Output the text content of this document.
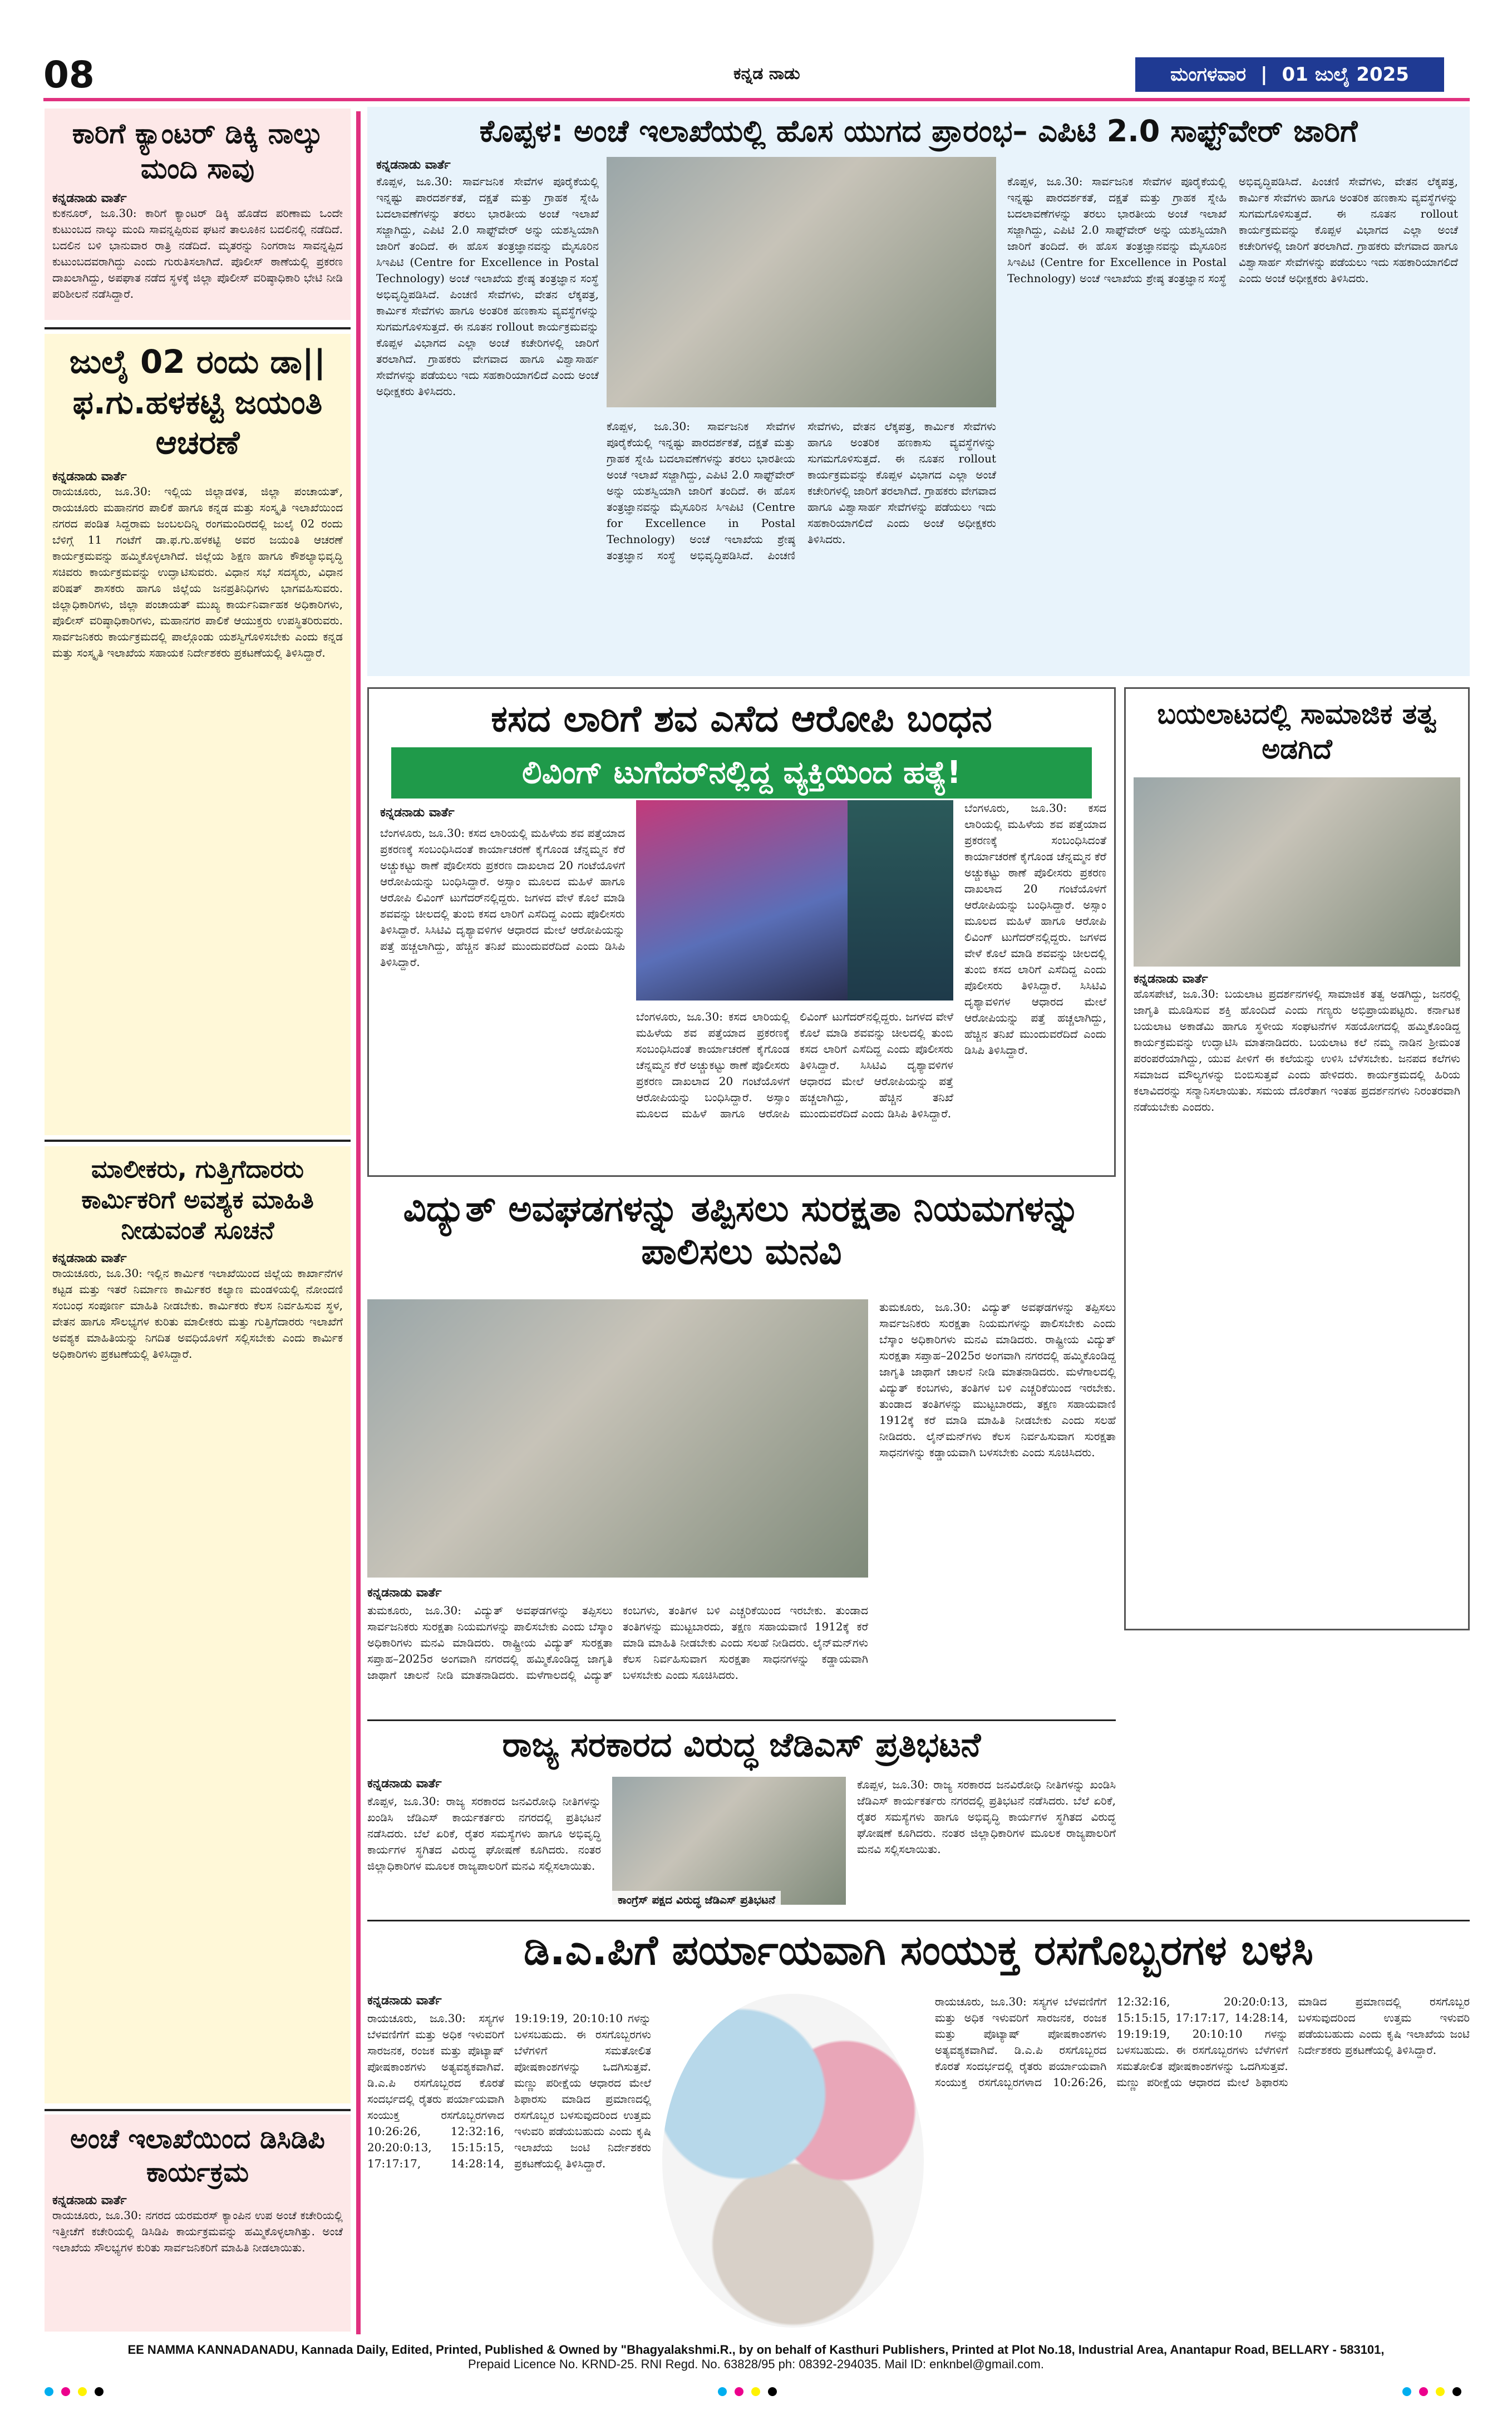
08	ಕನ್ನಡ ನಾಡು	ಮಂಗಳವಾರ | 01 ಜುಲೈ 2025
ಕಾರಿಗೆ ಕ್ಯಾಂಟರ್ ಡಿಕ್ಕಿ ನಾಲ್ಕು ಮಂದಿ ಸಾವು
ಕನ್ನಡನಾಡು ವಾರ್ತೆ
ಕುಕನೂರ್, ಜೂ.30: ಕಾರಿಗೆ ಕ್ಯಾಂಟರ್ ಡಿಕ್ಕಿ ಹೊಡೆದ ಪರಿಣಾಮ ಒಂದೇ ಕುಟುಂಬದ ನಾಲ್ಕು ಮಂದಿ ಸಾವನ್ನಪ್ಪಿರುವ ಘಟನೆ ತಾಲೂಕಿನ ಬದಲಿನಲ್ಲಿ ನಡೆದಿದೆ. ಬದಲಿನ ಬಳಿ ಭಾನುವಾರ ರಾತ್ರಿ ನಡೆದಿದೆ. ಮೃತರನ್ನು ನಿಂಗರಾಜ ಸಾವನ್ನಪ್ಪಿದ ಕುಟುಂಬದವರಾಗಿದ್ದು ಎಂದು ಗುರುತಿಸಲಾಗಿದೆ. ಪೊಲೀಸ್ ಠಾಣೆಯಲ್ಲಿ ಪ್ರಕರಣ ದಾಖಲಾಗಿದ್ದು, ಅಪಘಾತ ನಡೆದ ಸ್ಥಳಕ್ಕೆ ಜಿಲ್ಲಾ ಪೊಲೀಸ್ ವರಿಷ್ಠಾಧಿಕಾರಿ ಭೇಟಿ ನೀಡಿ ಪರಿಶೀಲನೆ ನಡೆಸಿದ್ದಾರೆ.
ಜುಲೈ 02 ರಂದು ಡಾ||ಫ.ಗು.ಹಳಕಟ್ಟಿ ಜಯಂತಿ ಆಚರಣೆ
ಕನ್ನಡನಾಡು ವಾರ್ತೆ
ರಾಯಚೂರು, ಜೂ.30: ಇಲ್ಲಿಯ ಜಿಲ್ಲಾಡಳಿತ, ಜಿಲ್ಲಾ ಪಂಚಾಯತ್, ರಾಯಚೂರು ಮಹಾನಗರ ಪಾಲಿಕೆ ಹಾಗೂ ಕನ್ನಡ ಮತ್ತು ಸಂಸ್ಕೃತಿ ಇಲಾಖೆಯಿಂದ ನಗರದ ಪಂಡಿತ ಸಿದ್ದರಾಮ ಜಂಬಲದಿನ್ನಿ ರಂಗಮಂದಿರದಲ್ಲಿ ಜುಲೈ 02 ರಂದು ಬೆಳಿಗ್ಗೆ 11 ಗಂಟೆಗೆ ಡಾ.ಫ.ಗು.ಹಳಕಟ್ಟಿ ಅವರ ಜಯಂತಿ ಆಚರಣೆ ಕಾರ್ಯಕ್ರಮವನ್ನು ಹಮ್ಮಿಕೊಳ್ಳಲಾಗಿದೆ. ಜಿಲ್ಲೆಯ ಶಿಕ್ಷಣ ಹಾಗೂ ಕೌಶಲ್ಯಾಭಿವೃದ್ಧಿ ಸಚಿವರು ಕಾರ್ಯಕ್ರಮವನ್ನು ಉದ್ಘಾಟಿಸುವರು. ವಿಧಾನ ಸಭೆ ಸದಸ್ಯರು, ವಿಧಾನ ಪರಿಷತ್ ಶಾಸಕರು ಹಾಗೂ ಜಿಲ್ಲೆಯ ಜನಪ್ರತಿನಿಧಿಗಳು ಭಾಗವಹಿಸುವರು. ಜಿಲ್ಲಾಧಿಕಾರಿಗಳು, ಜಿಲ್ಲಾ ಪಂಚಾಯತ್ ಮುಖ್ಯ ಕಾರ್ಯನಿರ್ವಾಹಕ ಅಧಿಕಾರಿಗಳು, ಪೊಲೀಸ್ ವರಿಷ್ಠಾಧಿಕಾರಿಗಳು, ಮಹಾನಗರ ಪಾಲಿಕೆ ಆಯುಕ್ತರು ಉಪಸ್ಥಿತರಿರುವರು. ಸಾರ್ವಜನಿಕರು ಕಾರ್ಯಕ್ರಮದಲ್ಲಿ ಪಾಲ್ಗೊಂಡು ಯಶಸ್ವಿಗೊಳಿಸಬೇಕು ಎಂದು ಕನ್ನಡ ಮತ್ತು ಸಂಸ್ಕೃತಿ ಇಲಾಖೆಯ ಸಹಾಯಕ ನಿರ್ದೇಶಕರು ಪ್ರಕಟಣೆಯಲ್ಲಿ ತಿಳಿಸಿದ್ದಾರೆ.
ಮಾಲೀಕರು, ಗುತ್ತಿಗೆದಾರರು ಕಾರ್ಮಿಕರಿಗೆ ಅವಶ್ಯಕ ಮಾಹಿತಿ ನೀಡುವಂತೆ ಸೂಚನೆ
ಕನ್ನಡನಾಡು ವಾರ್ತೆ
ರಾಯಚೂರು, ಜೂ.30: ಇಲ್ಲಿನ ಕಾರ್ಮಿಕ ಇಲಾಖೆಯಿಂದ ಜಿಲ್ಲೆಯ ಕಾರ್ಖಾನೆಗಳ ಕಟ್ಟಡ ಮತ್ತು ಇತರೆ ನಿರ್ಮಾಣ ಕಾರ್ಮಿಕರ ಕಲ್ಯಾಣ ಮಂಡಳಿಯಲ್ಲಿ ನೋಂದಣಿ ಸಂಬಂಧ ಸಂಪೂರ್ಣ ಮಾಹಿತಿ ನೀಡಬೇಕು. ಕಾರ್ಮಿಕರು ಕೆಲಸ ನಿರ್ವಹಿಸುವ ಸ್ಥಳ, ವೇತನ ಹಾಗೂ ಸೌಲಭ್ಯಗಳ ಕುರಿತು ಮಾಲೀಕರು ಮತ್ತು ಗುತ್ತಿಗೆದಾರರು ಇಲಾಖೆಗೆ ಅವಶ್ಯಕ ಮಾಹಿತಿಯನ್ನು ನಿಗದಿತ ಅವಧಿಯೊಳಗೆ ಸಲ್ಲಿಸಬೇಕು ಎಂದು ಕಾರ್ಮಿಕ ಅಧಿಕಾರಿಗಳು ಪ್ರಕಟಣೆಯಲ್ಲಿ ತಿಳಿಸಿದ್ದಾರೆ.
ಅಂಚೆ ಇಲಾಖೆಯಿಂದ ಡಿಸಿಡಿಪಿ ಕಾರ್ಯಕ್ರಮ
ಕನ್ನಡನಾಡು ವಾರ್ತೆ
ರಾಯಚೂರು, ಜೂ.30: ನಗರದ ಯರಮರಸ್ ಕ್ಯಾಂಪಿನ ಉಪ ಅಂಚೆ ಕಚೇರಿಯಲ್ಲಿ ಇತ್ತೀಚೆಗೆ ಕಚೇರಿಯಲ್ಲಿ ಡಿಸಿಡಿಪಿ ಕಾರ್ಯಕ್ರಮವನ್ನು ಹಮ್ಮಿಕೊಳ್ಳಲಾಗಿತ್ತು. ಅಂಚೆ ಇಲಾಖೆಯ ಸೌಲಭ್ಯಗಳ ಕುರಿತು ಸಾರ್ವಜನಿಕರಿಗೆ ಮಾಹಿತಿ ನೀಡಲಾಯಿತು.
ಕೊಪ್ಪಳ: ಅಂಚೆ ಇಲಾಖೆಯಲ್ಲಿ ಹೊಸ ಯುಗದ ಪ್ರಾರಂಭ– ಎಪಿಟಿ 2.0 ಸಾಫ್ಟ್‌ವೇರ್ ಜಾರಿಗೆ
ಕನ್ನಡನಾಡು ವಾರ್ತೆ
ಕೊಪ್ಪಳ, ಜೂ.30: ಸಾರ್ವಜನಿಕ ಸೇವೆಗಳ ಪೂರೈಕೆಯಲ್ಲಿ ಇನ್ನಷ್ಟು ಪಾರದರ್ಶಕತೆ, ದಕ್ಷತೆ ಮತ್ತು ಗ್ರಾಹಕ ಸ್ನೇಹಿ ಬದಲಾವಣೆಗಳನ್ನು ತರಲು ಭಾರತೀಯ ಅಂಚೆ ಇಲಾಖೆ ಸಜ್ಜಾಗಿದ್ದು, ಎಪಿಟಿ 2.0 ಸಾಫ್ಟ್‌ವೇರ್ ಅನ್ನು ಯಶಸ್ವಿಯಾಗಿ ಜಾರಿಗೆ ತಂದಿದೆ. ಈ ಹೊಸ ತಂತ್ರಜ್ಞಾನವನ್ನು ಮೈಸೂರಿನ ಸಿಇಪಿಟಿ (Centre for Excellence in Postal Technology) ಅಂಚೆ ಇಲಾಖೆಯ ಶ್ರೇಷ್ಠ ತಂತ್ರಜ್ಞಾನ ಸಂಸ್ಥೆ ಅಭಿವೃದ್ಧಿಪಡಿಸಿದೆ. ಪಿಂಚಣಿ ಸೇವೆಗಳು, ವೇತನ ಲೆಕ್ಕಪತ್ರ, ಕಾರ್ಮಿಕ ಸೇವೆಗಳು ಹಾಗೂ ಅಂತರಿಕ ಹಣಕಾಸು ವ್ಯವಸ್ಥೆಗಳನ್ನು ಸುಗಮಗೊಳಿಸುತ್ತದೆ. ಈ ನೂತನ rollout ಕಾರ್ಯಕ್ರಮವನ್ನು ಕೊಪ್ಪಳ ವಿಭಾಗದ ಎಲ್ಲಾ ಅಂಚೆ ಕಚೇರಿಗಳಲ್ಲಿ ಜಾರಿಗೆ ತರಲಾಗಿದೆ. ಗ್ರಾಹಕರು ವೇಗವಾದ ಹಾಗೂ ವಿಶ್ವಾಸಾರ್ಹ ಸೇವೆಗಳನ್ನು ಪಡೆಯಲು ಇದು ಸಹಕಾರಿಯಾಗಲಿದೆ ಎಂದು ಅಂಚೆ ಅಧೀಕ್ಷಕರು ತಿಳಿಸಿದರು.
ಕೊಪ್ಪಳ, ಜೂ.30: ಸಾರ್ವಜನಿಕ ಸೇವೆಗಳ ಪೂರೈಕೆಯಲ್ಲಿ ಇನ್ನಷ್ಟು ಪಾರದರ್ಶಕತೆ, ದಕ್ಷತೆ ಮತ್ತು ಗ್ರಾಹಕ ಸ್ನೇಹಿ ಬದಲಾವಣೆಗಳನ್ನು ತರಲು ಭಾರತೀಯ ಅಂಚೆ ಇಲಾಖೆ ಸಜ್ಜಾಗಿದ್ದು, ಎಪಿಟಿ 2.0 ಸಾಫ್ಟ್‌ವೇರ್ ಅನ್ನು ಯಶಸ್ವಿಯಾಗಿ ಜಾರಿಗೆ ತಂದಿದೆ. ಈ ಹೊಸ ತಂತ್ರಜ್ಞಾನವನ್ನು ಮೈಸೂರಿನ ಸಿಇಪಿಟಿ (Centre for Excellence in Postal Technology) ಅಂಚೆ ಇಲಾಖೆಯ ಶ್ರೇಷ್ಠ ತಂತ್ರಜ್ಞಾನ ಸಂಸ್ಥೆ ಅಭಿವೃದ್ಧಿಪಡಿಸಿದೆ. ಪಿಂಚಣಿ ಸೇವೆಗಳು, ವೇತನ ಲೆಕ್ಕಪತ್ರ, ಕಾರ್ಮಿಕ ಸೇವೆಗಳು ಹಾಗೂ ಅಂತರಿಕ ಹಣಕಾಸು ವ್ಯವಸ್ಥೆಗಳನ್ನು ಸುಗಮಗೊಳಿಸುತ್ತದೆ. ಈ ನೂತನ rollout ಕಾರ್ಯಕ್ರಮವನ್ನು ಕೊಪ್ಪಳ ವಿಭಾಗದ ಎಲ್ಲಾ ಅಂಚೆ ಕಚೇರಿಗಳಲ್ಲಿ ಜಾರಿಗೆ ತರಲಾಗಿದೆ. ಗ್ರಾಹಕರು ವೇಗವಾದ ಹಾಗೂ ವಿಶ್ವಾಸಾರ್ಹ ಸೇವೆಗಳನ್ನು ಪಡೆಯಲು ಇದು ಸಹಕಾರಿಯಾಗಲಿದೆ ಎಂದು ಅಂಚೆ ಅಧೀಕ್ಷಕರು ತಿಳಿಸಿದರು.
ಕೊಪ್ಪಳ, ಜೂ.30: ಸಾರ್ವಜನಿಕ ಸೇವೆಗಳ ಪೂರೈಕೆಯಲ್ಲಿ ಇನ್ನಷ್ಟು ಪಾರದರ್ಶಕತೆ, ದಕ್ಷತೆ ಮತ್ತು ಗ್ರಾಹಕ ಸ್ನೇಹಿ ಬದಲಾವಣೆಗಳನ್ನು ತರಲು ಭಾರತೀಯ ಅಂಚೆ ಇಲಾಖೆ ಸಜ್ಜಾಗಿದ್ದು, ಎಪಿಟಿ 2.0 ಸಾಫ್ಟ್‌ವೇರ್ ಅನ್ನು ಯಶಸ್ವಿಯಾಗಿ ಜಾರಿಗೆ ತಂದಿದೆ. ಈ ಹೊಸ ತಂತ್ರಜ್ಞಾನವನ್ನು ಮೈಸೂರಿನ ಸಿಇಪಿಟಿ (Centre for Excellence in Postal Technology) ಅಂಚೆ ಇಲಾಖೆಯ ಶ್ರೇಷ್ಠ ತಂತ್ರಜ್ಞಾನ ಸಂಸ್ಥೆ ಅಭಿವೃದ್ಧಿಪಡಿಸಿದೆ. ಪಿಂಚಣಿ ಸೇವೆಗಳು, ವೇತನ ಲೆಕ್ಕಪತ್ರ, ಕಾರ್ಮಿಕ ಸೇವೆಗಳು ಹಾಗೂ ಅಂತರಿಕ ಹಣಕಾಸು ವ್ಯವಸ್ಥೆಗಳನ್ನು ಸುಗಮಗೊಳಿಸುತ್ತದೆ. ಈ ನೂತನ rollout ಕಾರ್ಯಕ್ರಮವನ್ನು ಕೊಪ್ಪಳ ವಿಭಾಗದ ಎಲ್ಲಾ ಅಂಚೆ ಕಚೇರಿಗಳಲ್ಲಿ ಜಾರಿಗೆ ತರಲಾಗಿದೆ. ಗ್ರಾಹಕರು ವೇಗವಾದ ಹಾಗೂ ವಿಶ್ವಾಸಾರ್ಹ ಸೇವೆಗಳನ್ನು ಪಡೆಯಲು ಇದು ಸಹಕಾರಿಯಾಗಲಿದೆ ಎಂದು ಅಂಚೆ ಅಧೀಕ್ಷಕರು ತಿಳಿಸಿದರು.
ಕಸದ ಲಾರಿಗೆ ಶವ ಎಸೆದ ಆರೋಪಿ ಬಂಧನ
ಲಿವಿಂಗ್ ಟುಗೆದರ್‌ನಲ್ಲಿದ್ದ ವ್ಯಕ್ತಿಯಿಂದ ಹತ್ಯೆ!
ಕನ್ನಡನಾಡು ವಾರ್ತೆ
ಬೆಂಗಳೂರು, ಜೂ.30: ಕಸದ ಲಾರಿಯಲ್ಲಿ ಮಹಿಳೆಯ ಶವ ಪತ್ತೆಯಾದ ಪ್ರಕರಣಕ್ಕೆ ಸಂಬಂಧಿಸಿದಂತೆ ಕಾರ್ಯಾಚರಣೆ ಕೈಗೊಂಡ ಚೆನ್ನಮ್ಮನ ಕೆರೆ ಅಚ್ಚುಕಟ್ಟು ಠಾಣೆ ಪೊಲೀಸರು ಪ್ರಕರಣ ದಾಖಲಾದ 20 ಗಂಟೆಯೊಳಗೆ ಆರೋಪಿಯನ್ನು ಬಂಧಿಸಿದ್ದಾರೆ. ಅಸ್ಸಾಂ ಮೂಲದ ಮಹಿಳೆ ಹಾಗೂ ಆರೋಪಿ ಲಿವಿಂಗ್ ಟುಗೆದರ್‌ನಲ್ಲಿದ್ದರು. ಜಗಳದ ವೇಳೆ ಕೊಲೆ ಮಾಡಿ ಶವವನ್ನು ಚೀಲದಲ್ಲಿ ತುಂಬಿ ಕಸದ ಲಾರಿಗೆ ಎಸೆದಿದ್ದ ಎಂದು ಪೊಲೀಸರು ತಿಳಿಸಿದ್ದಾರೆ. ಸಿಸಿಟಿವಿ ದೃಶ್ಯಾವಳಿಗಳ ಆಧಾರದ ಮೇಲೆ ಆರೋಪಿಯನ್ನು ಪತ್ತೆ ಹಚ್ಚಲಾಗಿದ್ದು, ಹೆಚ್ಚಿನ ತನಿಖೆ ಮುಂದುವರೆದಿದೆ ಎಂದು ಡಿಸಿಪಿ ತಿಳಿಸಿದ್ದಾರೆ.
ಬೆಂಗಳೂರು, ಜೂ.30: ಕಸದ ಲಾರಿಯಲ್ಲಿ ಮಹಿಳೆಯ ಶವ ಪತ್ತೆಯಾದ ಪ್ರಕರಣಕ್ಕೆ ಸಂಬಂಧಿಸಿದಂತೆ ಕಾರ್ಯಾಚರಣೆ ಕೈಗೊಂಡ ಚೆನ್ನಮ್ಮನ ಕೆರೆ ಅಚ್ಚುಕಟ್ಟು ಠಾಣೆ ಪೊಲೀಸರು ಪ್ರಕರಣ ದಾಖಲಾದ 20 ಗಂಟೆಯೊಳಗೆ ಆರೋಪಿಯನ್ನು ಬಂಧಿಸಿದ್ದಾರೆ. ಅಸ್ಸಾಂ ಮೂಲದ ಮಹಿಳೆ ಹಾಗೂ ಆರೋಪಿ ಲಿವಿಂಗ್ ಟುಗೆದರ್‌ನಲ್ಲಿದ್ದರು. ಜಗಳದ ವೇಳೆ ಕೊಲೆ ಮಾಡಿ ಶವವನ್ನು ಚೀಲದಲ್ಲಿ ತುಂಬಿ ಕಸದ ಲಾರಿಗೆ ಎಸೆದಿದ್ದ ಎಂದು ಪೊಲೀಸರು ತಿಳಿಸಿದ್ದಾರೆ. ಸಿಸಿಟಿವಿ ದೃಶ್ಯಾವಳಿಗಳ ಆಧಾರದ ಮೇಲೆ ಆರೋಪಿಯನ್ನು ಪತ್ತೆ ಹಚ್ಚಲಾಗಿದ್ದು, ಹೆಚ್ಚಿನ ತನಿಖೆ ಮುಂದುವರೆದಿದೆ ಎಂದು ಡಿಸಿಪಿ ತಿಳಿಸಿದ್ದಾರೆ.
ಬೆಂಗಳೂರು, ಜೂ.30: ಕಸದ ಲಾರಿಯಲ್ಲಿ ಮಹಿಳೆಯ ಶವ ಪತ್ತೆಯಾದ ಪ್ರಕರಣಕ್ಕೆ ಸಂಬಂಧಿಸಿದಂತೆ ಕಾರ್ಯಾಚರಣೆ ಕೈಗೊಂಡ ಚೆನ್ನಮ್ಮನ ಕೆರೆ ಅಚ್ಚುಕಟ್ಟು ಠಾಣೆ ಪೊಲೀಸರು ಪ್ರಕರಣ ದಾಖಲಾದ 20 ಗಂಟೆಯೊಳಗೆ ಆರೋಪಿಯನ್ನು ಬಂಧಿಸಿದ್ದಾರೆ. ಅಸ್ಸಾಂ ಮೂಲದ ಮಹಿಳೆ ಹಾಗೂ ಆರೋಪಿ ಲಿವಿಂಗ್ ಟುಗೆದರ್‌ನಲ್ಲಿದ್ದರು. ಜಗಳದ ವೇಳೆ ಕೊಲೆ ಮಾಡಿ ಶವವನ್ನು ಚೀಲದಲ್ಲಿ ತುಂಬಿ ಕಸದ ಲಾರಿಗೆ ಎಸೆದಿದ್ದ ಎಂದು ಪೊಲೀಸರು ತಿಳಿಸಿದ್ದಾರೆ. ಸಿಸಿಟಿವಿ ದೃಶ್ಯಾವಳಿಗಳ ಆಧಾರದ ಮೇಲೆ ಆರೋಪಿಯನ್ನು ಪತ್ತೆ ಹಚ್ಚಲಾಗಿದ್ದು, ಹೆಚ್ಚಿನ ತನಿಖೆ ಮುಂದುವರೆದಿದೆ ಎಂದು ಡಿಸಿಪಿ ತಿಳಿಸಿದ್ದಾರೆ.
ಬಯಲಾಟದಲ್ಲಿ ಸಾಮಾಜಿಕ ತತ್ವ ಅಡಗಿದೆ
ಕನ್ನಡನಾಡು ವಾರ್ತೆ
ಹೊಸಪೇಟೆ, ಜೂ.30: ಬಯಲಾಟ ಪ್ರದರ್ಶನಗಳಲ್ಲಿ ಸಾಮಾಜಿಕ ತತ್ವ ಅಡಗಿದ್ದು, ಜನರಲ್ಲಿ ಜಾಗೃತಿ ಮೂಡಿಸುವ ಶಕ್ತಿ ಹೊಂದಿದೆ ಎಂದು ಗಣ್ಯರು ಅಭಿಪ್ರಾಯಪಟ್ಟರು. ಕರ್ನಾಟಕ ಬಯಲಾಟ ಅಕಾಡೆಮಿ ಹಾಗೂ ಸ್ಥಳೀಯ ಸಂಘಟನೆಗಳ ಸಹಯೋಗದಲ್ಲಿ ಹಮ್ಮಿಕೊಂಡಿದ್ದ ಕಾರ್ಯಕ್ರಮವನ್ನು ಉದ್ಘಾಟಿಸಿ ಮಾತನಾಡಿದರು. ಬಯಲಾಟ ಕಲೆ ನಮ್ಮ ನಾಡಿನ ಶ್ರೀಮಂತ ಪರಂಪರೆಯಾಗಿದ್ದು, ಯುವ ಪೀಳಿಗೆ ಈ ಕಲೆಯನ್ನು ಉಳಿಸಿ ಬೆಳೆಸಬೇಕು. ಜನಪದ ಕಲೆಗಳು ಸಮಾಜದ ಮೌಲ್ಯಗಳನ್ನು ಬಿಂಬಿಸುತ್ತವೆ ಎಂದು ಹೇಳಿದರು. ಕಾರ್ಯಕ್ರಮದಲ್ಲಿ ಹಿರಿಯ ಕಲಾವಿದರನ್ನು ಸನ್ಮಾನಿಸಲಾಯಿತು. ಸಮಯ ದೊರೆತಾಗ ಇಂತಹ ಪ್ರದರ್ಶನಗಳು ನಿರಂತರವಾಗಿ ನಡೆಯಬೇಕು ಎಂದರು.
ವಿದ್ಯುತ್ ಅವಘಡಗಳನ್ನು ತಪ್ಪಿಸಲು ಸುರಕ್ಷತಾ ನಿಯಮಗಳನ್ನು ಪಾಲಿಸಲು ಮನವಿ
ತುಮಕೂರು, ಜೂ.30: ವಿದ್ಯುತ್ ಅವಘಡಗಳನ್ನು ತಪ್ಪಿಸಲು ಸಾರ್ವಜನಿಕರು ಸುರಕ್ಷತಾ ನಿಯಮಗಳನ್ನು ಪಾಲಿಸಬೇಕು ಎಂದು ಬೆಸ್ಕಾಂ ಅಧಿಕಾರಿಗಳು ಮನವಿ ಮಾಡಿದರು. ರಾಷ್ಟ್ರೀಯ ವಿದ್ಯುತ್ ಸುರಕ್ಷತಾ ಸಪ್ತಾಹ–2025ರ ಅಂಗವಾಗಿ ನಗರದಲ್ಲಿ ಹಮ್ಮಿಕೊಂಡಿದ್ದ ಜಾಗೃತಿ ಜಾಥಾಗೆ ಚಾಲನೆ ನೀಡಿ ಮಾತನಾಡಿದರು. ಮಳೆಗಾಲದಲ್ಲಿ ವಿದ್ಯುತ್ ಕಂಬಗಳು, ತಂತಿಗಳ ಬಳಿ ಎಚ್ಚರಿಕೆಯಿಂದ ಇರಬೇಕು. ತುಂಡಾದ ತಂತಿಗಳನ್ನು ಮುಟ್ಟಬಾರದು, ತಕ್ಷಣ ಸಹಾಯವಾಣಿ 1912ಕ್ಕೆ ಕರೆ ಮಾಡಿ ಮಾಹಿತಿ ನೀಡಬೇಕು ಎಂದು ಸಲಹೆ ನೀಡಿದರು. ಲೈನ್‌ಮನ್‌ಗಳು ಕೆಲಸ ನಿರ್ವಹಿಸುವಾಗ ಸುರಕ್ಷತಾ ಸಾಧನಗಳನ್ನು ಕಡ್ಡಾಯವಾಗಿ ಬಳಸಬೇಕು ಎಂದು ಸೂಚಿಸಿದರು.
ಕನ್ನಡನಾಡು ವಾರ್ತೆ
ತುಮಕೂರು, ಜೂ.30: ವಿದ್ಯುತ್ ಅವಘಡಗಳನ್ನು ತಪ್ಪಿಸಲು ಸಾರ್ವಜನಿಕರು ಸುರಕ್ಷತಾ ನಿಯಮಗಳನ್ನು ಪಾಲಿಸಬೇಕು ಎಂದು ಬೆಸ್ಕಾಂ ಅಧಿಕಾರಿಗಳು ಮನವಿ ಮಾಡಿದರು. ರಾಷ್ಟ್ರೀಯ ವಿದ್ಯುತ್ ಸುರಕ್ಷತಾ ಸಪ್ತಾಹ–2025ರ ಅಂಗವಾಗಿ ನಗರದಲ್ಲಿ ಹಮ್ಮಿಕೊಂಡಿದ್ದ ಜಾಗೃತಿ ಜಾಥಾಗೆ ಚಾಲನೆ ನೀಡಿ ಮಾತನಾಡಿದರು. ಮಳೆಗಾಲದಲ್ಲಿ ವಿದ್ಯುತ್ ಕಂಬಗಳು, ತಂತಿಗಳ ಬಳಿ ಎಚ್ಚರಿಕೆಯಿಂದ ಇರಬೇಕು. ತುಂಡಾದ ತಂತಿಗಳನ್ನು ಮುಟ್ಟಬಾರದು, ತಕ್ಷಣ ಸಹಾಯವಾಣಿ 1912ಕ್ಕೆ ಕರೆ ಮಾಡಿ ಮಾಹಿತಿ ನೀಡಬೇಕು ಎಂದು ಸಲಹೆ ನೀಡಿದರು. ಲೈನ್‌ಮನ್‌ಗಳು ಕೆಲಸ ನಿರ್ವಹಿಸುವಾಗ ಸುರಕ್ಷತಾ ಸಾಧನಗಳನ್ನು ಕಡ್ಡಾಯವಾಗಿ ಬಳಸಬೇಕು ಎಂದು ಸೂಚಿಸಿದರು.
ರಾಜ್ಯ ಸರಕಾರದ ವಿರುದ್ಧ ಜೆಡಿಎಸ್ ಪ್ರತಿಭಟನೆ
ಕನ್ನಡನಾಡು ವಾರ್ತೆ
ಕೊಪ್ಪಳ, ಜೂ.30: ರಾಜ್ಯ ಸರಕಾರದ ಜನವಿರೋಧಿ ನೀತಿಗಳನ್ನು ಖಂಡಿಸಿ ಜೆಡಿಎಸ್ ಕಾರ್ಯಕರ್ತರು ನಗರದಲ್ಲಿ ಪ್ರತಿಭಟನೆ ನಡೆಸಿದರು. ಬೆಲೆ ಏರಿಕೆ, ರೈತರ ಸಮಸ್ಯೆಗಳು ಹಾಗೂ ಅಭಿವೃದ್ಧಿ ಕಾರ್ಯಗಳ ಸ್ಥಗಿತದ ವಿರುದ್ಧ ಘೋಷಣೆ ಕೂಗಿದರು. ನಂತರ ಜಿಲ್ಲಾಧಿಕಾರಿಗಳ ಮೂಲಕ ರಾಜ್ಯಪಾಲರಿಗೆ ಮನವಿ ಸಲ್ಲಿಸಲಾಯಿತು.
ಕಾಂಗ್ರೆಸ್ ಪಕ್ಷದ ವಿರುದ್ಧ ಜೆಡಿಎಸ್ ಪ್ರತಿಭಟನೆ
ಕೊಪ್ಪಳ, ಜೂ.30: ರಾಜ್ಯ ಸರಕಾರದ ಜನವಿರೋಧಿ ನೀತಿಗಳನ್ನು ಖಂಡಿಸಿ ಜೆಡಿಎಸ್ ಕಾರ್ಯಕರ್ತರು ನಗರದಲ್ಲಿ ಪ್ರತಿಭಟನೆ ನಡೆಸಿದರು. ಬೆಲೆ ಏರಿಕೆ, ರೈತರ ಸಮಸ್ಯೆಗಳು ಹಾಗೂ ಅಭಿವೃದ್ಧಿ ಕಾರ್ಯಗಳ ಸ್ಥಗಿತದ ವಿರುದ್ಧ ಘೋಷಣೆ ಕೂಗಿದರು. ನಂತರ ಜಿಲ್ಲಾಧಿಕಾರಿಗಳ ಮೂಲಕ ರಾಜ್ಯಪಾಲರಿಗೆ ಮನವಿ ಸಲ್ಲಿಸಲಾಯಿತು.
ಡಿ.ಎ.ಪಿಗೆ ಪರ್ಯಾಯವಾಗಿ ಸಂಯುಕ್ತ ರಸಗೊಬ್ಬರಗಳ ಬಳಸಿ
ಕನ್ನಡನಾಡು ವಾರ್ತೆ
ರಾಯಚೂರು, ಜೂ.30: ಸಸ್ಯಗಳ ಬೆಳವಣಿಗೆಗೆ ಮತ್ತು ಅಧಿಕ ಇಳುವರಿಗೆ ಸಾರಜನಕ, ರಂಜಕ ಮತ್ತು ಪೊಟ್ಯಾಷ್ ಪೋಷಕಾಂಶಗಳು ಅತ್ಯವಶ್ಯಕವಾಗಿವೆ. ಡಿ.ಎ.ಪಿ ರಸಗೊಬ್ಬರದ ಕೊರತೆ ಸಂದರ್ಭದಲ್ಲಿ ರೈತರು ಪರ್ಯಾಯವಾಗಿ ಸಂಯುಕ್ತ ರಸಗೊಬ್ಬರಗಳಾದ 10:26:26, 12:32:16, 20:20:0:13, 15:15:15, 17:17:17, 14:28:14, 19:19:19, 20:10:10 ಗಳನ್ನು ಬಳಸಬಹುದು. ಈ ರಸಗೊಬ್ಬರಗಳು ಬೆಳೆಗಳಿಗೆ ಸಮತೋಲಿತ ಪೋಷಕಾಂಶಗಳನ್ನು ಒದಗಿಸುತ್ತವೆ. ಮಣ್ಣು ಪರೀಕ್ಷೆಯ ಆಧಾರದ ಮೇಲೆ ಶಿಫಾರಸು ಮಾಡಿದ ಪ್ರಮಾಣದಲ್ಲಿ ರಸಗೊಬ್ಬರ ಬಳಸುವುದರಿಂದ ಉತ್ತಮ ಇಳುವರಿ ಪಡೆಯಬಹುದು ಎಂದು ಕೃಷಿ ಇಲಾಖೆಯ ಜಂಟಿ ನಿರ್ದೇಶಕರು ಪ್ರಕಟಣೆಯಲ್ಲಿ ತಿಳಿಸಿದ್ದಾರೆ.
ರಾಯಚೂರು, ಜೂ.30: ಸಸ್ಯಗಳ ಬೆಳವಣಿಗೆಗೆ ಮತ್ತು ಅಧಿಕ ಇಳುವರಿಗೆ ಸಾರಜನಕ, ರಂಜಕ ಮತ್ತು ಪೊಟ್ಯಾಷ್ ಪೋಷಕಾಂಶಗಳು ಅತ್ಯವಶ್ಯಕವಾಗಿವೆ. ಡಿ.ಎ.ಪಿ ರಸಗೊಬ್ಬರದ ಕೊರತೆ ಸಂದರ್ಭದಲ್ಲಿ ರೈತರು ಪರ್ಯಾಯವಾಗಿ ಸಂಯುಕ್ತ ರಸಗೊಬ್ಬರಗಳಾದ 10:26:26, 12:32:16, 20:20:0:13, 15:15:15, 17:17:17, 14:28:14, 19:19:19, 20:10:10 ಗಳನ್ನು ಬಳಸಬಹುದು. ಈ ರಸಗೊಬ್ಬರಗಳು ಬೆಳೆಗಳಿಗೆ ಸಮತೋಲಿತ ಪೋಷಕಾಂಶಗಳನ್ನು ಒದಗಿಸುತ್ತವೆ. ಮಣ್ಣು ಪರೀಕ್ಷೆಯ ಆಧಾರದ ಮೇಲೆ ಶಿಫಾರಸು ಮಾಡಿದ ಪ್ರಮಾಣದಲ್ಲಿ ರಸಗೊಬ್ಬರ ಬಳಸುವುದರಿಂದ ಉತ್ತಮ ಇಳುವರಿ ಪಡೆಯಬಹುದು ಎಂದು ಕೃಷಿ ಇಲಾಖೆಯ ಜಂಟಿ ನಿರ್ದೇಶಕರು ಪ್ರಕಟಣೆಯಲ್ಲಿ ತಿಳಿಸಿದ್ದಾರೆ.
EE NAMMA KANNADANADU, Kannada Daily, Edited, Printed, Published & Owned by "Bhagyalakshmi.R., by on behalf of Kasthuri Publishers, Printed at Plot No.18, Industrial Area, Anantapur Road, BELLARY - 583101,
Prepaid Licence No. KRND-25. RNI Regd. No. 63828/95 ph: 08392-294035. Mail ID: enknbel@gmail.com.
